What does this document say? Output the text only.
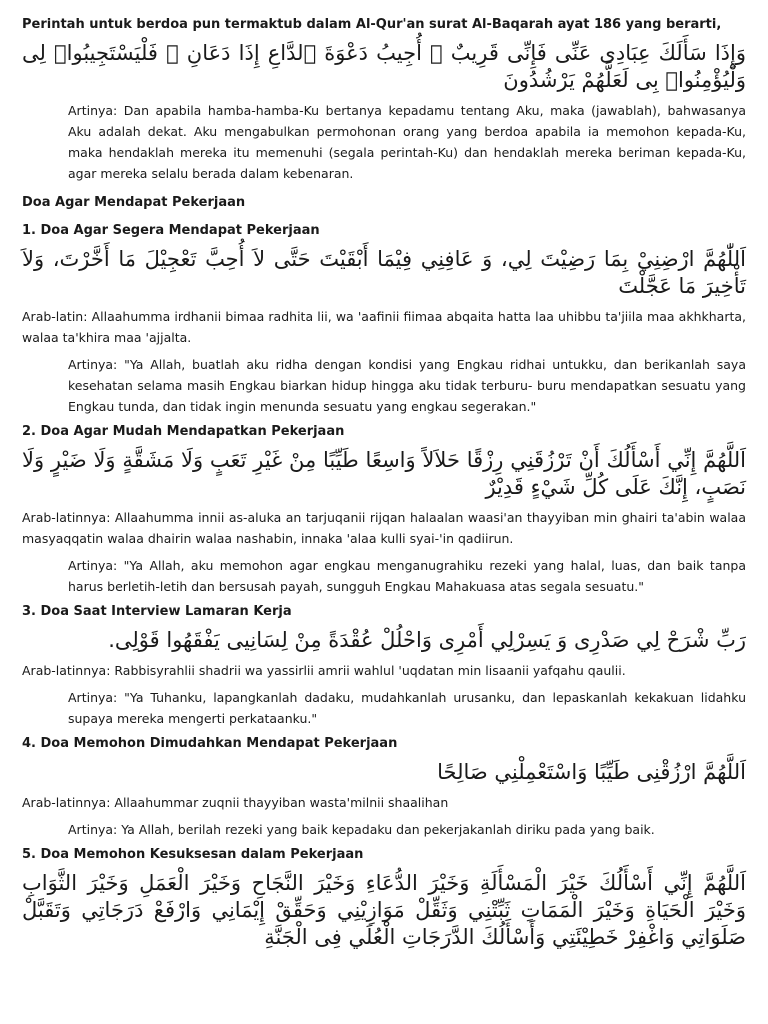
Perintah untuk berdoa pun termaktub dalam Al-Qur'an surat Al-Baqarah ayat 186 yang berarti,

وَإِذَا سَأَلَكَ عِبَادِى عَنِّى فَإِنِّى قَرِيبٌ ۖ أُجِيبُ دَعْوَةَ ٱلدَّاعِ إِذَا دَعَانِ ۖ فَلْيَسْتَجِيبُوا۟ لِى وَلْيُؤْمِنُوا۟ بِى لَعَلَّهُمْ يَرْشُدُونَ

Artinya: Dan apabila hamba-hamba-Ku bertanya kepadamu tentang Aku, maka (jawablah), bahwasanya Aku adalah dekat. Aku mengabulkan permohonan orang yang berdoa apabila ia memohon kepada-Ku, maka hendaklah mereka itu memenuhi (segala perintah-Ku) dan hendaklah mereka beriman kepada-Ku, agar mereka selalu berada dalam kebenaran.

Doa Agar Mendapat Pekerjaan

1. Doa Agar Segera Mendapat Pekerjaan

اَللّٰهُمَّ ارْضِنِيْ بِمَا رَضِيْتَ لِي، وَ عَافِنِي فِيْمَا أَبْقَيْتَ حَتَّى لاَ أُحِبَّ تَعْجِيْلَ مَا أَخَّرْتَ، وَلاَ تَأْخِيرَ مَا عَجَّلْتَ

Arab-latin: Allaahumma irdhanii bimaa radhita lii, wa 'aafinii fiimaa abqaita hatta laa uhibbu ta'jiila maa akhkharta, walaa ta'khira maa 'ajjalta.

Artinya: "Ya Allah, buatlah aku ridha dengan kondisi yang Engkau ridhai untukku, dan berikanlah saya kesehatan selama masih Engkau biarkan hidup hingga aku tidak terburu- buru mendapatkan sesuatu yang Engkau tunda, dan tidak ingin menunda sesuatu yang engkau segerakan."

2. Doa Agar Mudah Mendapatkan Pekerjaan

اَللَّهُمَّ إِنِّي أَسْأَلُكَ أَنْ تَرْزُقَنِي رِزْقًا حَلاَلاً وَاسِعًا طَيِّبًا مِنْ غَيْرِ تَعَبٍ وَلَا مَشَقَّةٍ وَلَا ضَيْرٍ وَلَا نَصَبٍ، إِنَّكَ عَلَى كُلِّ شَيْءٍ قَدِيْرٌ

Arab-latinnya: Allaahumma innii as-aluka an tarjuqanii rijqan halaalan waasi'an thayyiban min ghairi ta'abin walaa masyaqqatin walaa dhairin walaa nashabin, innaka 'alaa kulli syai-'in qadiirun.

Artinya: "Ya Allah, aku memohon agar engkau menganugrahiku rezeki yang halal, luas, dan baik tanpa harus berletih-letih dan bersusah payah, sungguh Engkau Mahakuasa atas segala sesuatu."

3. Doa Saat Interview Lamaran Kerja

رَبِّ شْرَحْ لِي صَدْرِى وَ يَسِرْلِي أَمْرِى وَاحْلُلْ عُقْدَةً مِنْ لِسَانِيى يَفْقَهُوا قَوْلِى.

Arab-latinnya: Rabbisyrahlii shadrii wa yassirlii amrii wahlul 'uqdatan min lisaanii yafqahu qaulii.

Artinya: "Ya Tuhanku, lapangkanlah dadaku, mudahkanlah urusanku, dan lepaskanlah kekakuan lidahku supaya mereka mengerti perkataanku."

4. Doa Memohon Dimudahkan Mendapat Pekerjaan

اَللَّهُمَّ ارْزُقْنِى طَيِّبًا وَاسْتَعْمِلْنِي صَالِحًا

Arab-latinnya: Allaahummar zuqnii thayyiban wasta'milnii shaalihan

Artinya: Ya Allah, berilah rezeki yang baik kepadaku dan pekerjakanlah diriku pada yang baik.

5. Doa Memohon Kesuksesan dalam Pekerjaan

اَللَّهُمَّ إِنِّي أَسْأَلُكَ خَيْرَ الْمَسْأَلَةِ وَخَيْرَ الدُّعَاءِ وَخَيْرَ النَّجَاحِ وَخَيْرَ الْعَمَلِ وَخَيْرَ الثَّوَابِ وَخَيْرَ الْحَيَاةِ وَخَيْرَ الْمَمَاتِ ثَبِّتْنِي وَثَقِّلْ مَوَازِيْنِي وَحَقِّقْ إِيْمَانِي وَارْفَعْ دَرَجَاتِي وَتَقَبَّلْ صَلَوَاتِي وَاغْفِرْ خَطِيْئَتِي وَأَسْأَلُكَ الدَّرَجَاتِ الْعُلَي فِى الْجَنَّةِ
